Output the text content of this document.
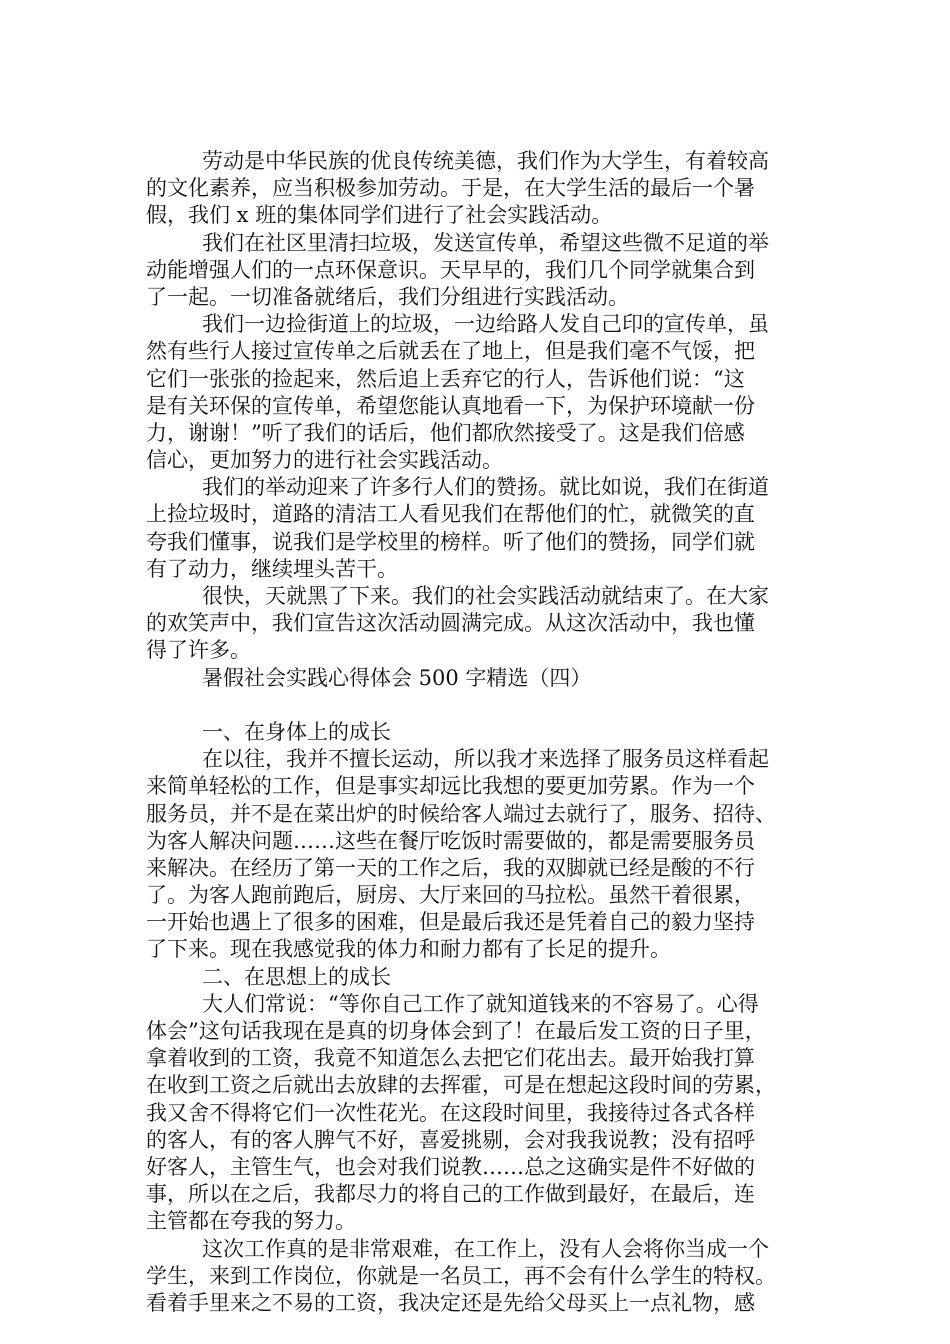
劳动是中华民族的优良传统美德，我们作为大学生，有着较高
的文化素养，应当积极参加劳动。于是，在大学生活的最后一个暑
假，我们 x 班的集体同学们进行了社会实践活动。
我们在社区里清扫垃圾，发送宣传单，希望这些微不足道的举
动能增强人们的一点环保意识。天早早的，我们几个同学就集合到
了一起。一切准备就绪后，我们分组进行实践活动。
我们一边捡街道上的垃圾，一边给路人发自己印的宣传单，虽
然有些行人接过宣传单之后就丢在了地上，但是我们毫不气馁，把
它们一张张的捡起来，然后追上丢弃它的行人，告诉他们说：“这
是有关环保的宣传单，希望您能认真地看一下，为保护环境献一份
力，谢谢！”听了我们的话后，他们都欣然接受了。这是我们倍感
信心，更加努力的进行社会实践活动。
我们的举动迎来了许多行人们的赞扬。就比如说，我们在街道
上捡垃圾时，道路的清洁工人看见我们在帮他们的忙，就微笑的直
夸我们懂事，说我们是学校里的榜样。听了他们的赞扬，同学们就
有了动力，继续埋头苦干。
很快，天就黑了下来。我们的社会实践活动就结束了。在大家
的欢笑声中，我们宣告这次活动圆满完成。从这次活动中，我也懂
得了许多。
暑假社会实践心得体会 500 字精选（四）
一、在身体上的成长
在以往，我并不擅长运动，所以我才来选择了服务员这样看起
来简单轻松的工作，但是事实却远比我想的要更加劳累。作为一个
服务员，并不是在菜出炉的时候给客人端过去就行了，服务、招待、
为客人解决问题……这些在餐厅吃饭时需要做的，都是需要服务员
来解决。在经历了第一天的工作之后，我的双脚就已经是酸的不行
了。为客人跑前跑后，厨房、大厅来回的马拉松。虽然干着很累，
一开始也遇上了很多的困难，但是最后我还是凭着自己的毅力坚持
了下来。现在我感觉我的体力和耐力都有了长足的提升。
二、在思想上的成长
大人们常说：“等你自己工作了就知道钱来的不容易了。心得
体会”这句话我现在是真的切身体会到了！在最后发工资的日子里，
拿着收到的工资，我竟不知道怎么去把它们花出去。最开始我打算
在收到工资之后就出去放肆的去挥霍，可是在想起这段时间的劳累，
我又舍不得将它们一次性花光。在这段时间里，我接待过各式各样
的客人，有的客人脾气不好，喜爱挑剔，会对我我说教；没有招呼
好客人，主管生气，也会对我们说教……总之这确实是件不好做的
事，所以在之后，我都尽力的将自己的工作做到最好，在最后，连
主管都在夸我的努力。
这次工作真的是非常艰难，在工作上，没有人会将你当成一个
学生，来到工作岗位，你就是一名员工，再不会有什么学生的特权。
看着手里来之不易的工资，我决定还是先给父母买上一点礼物，感
